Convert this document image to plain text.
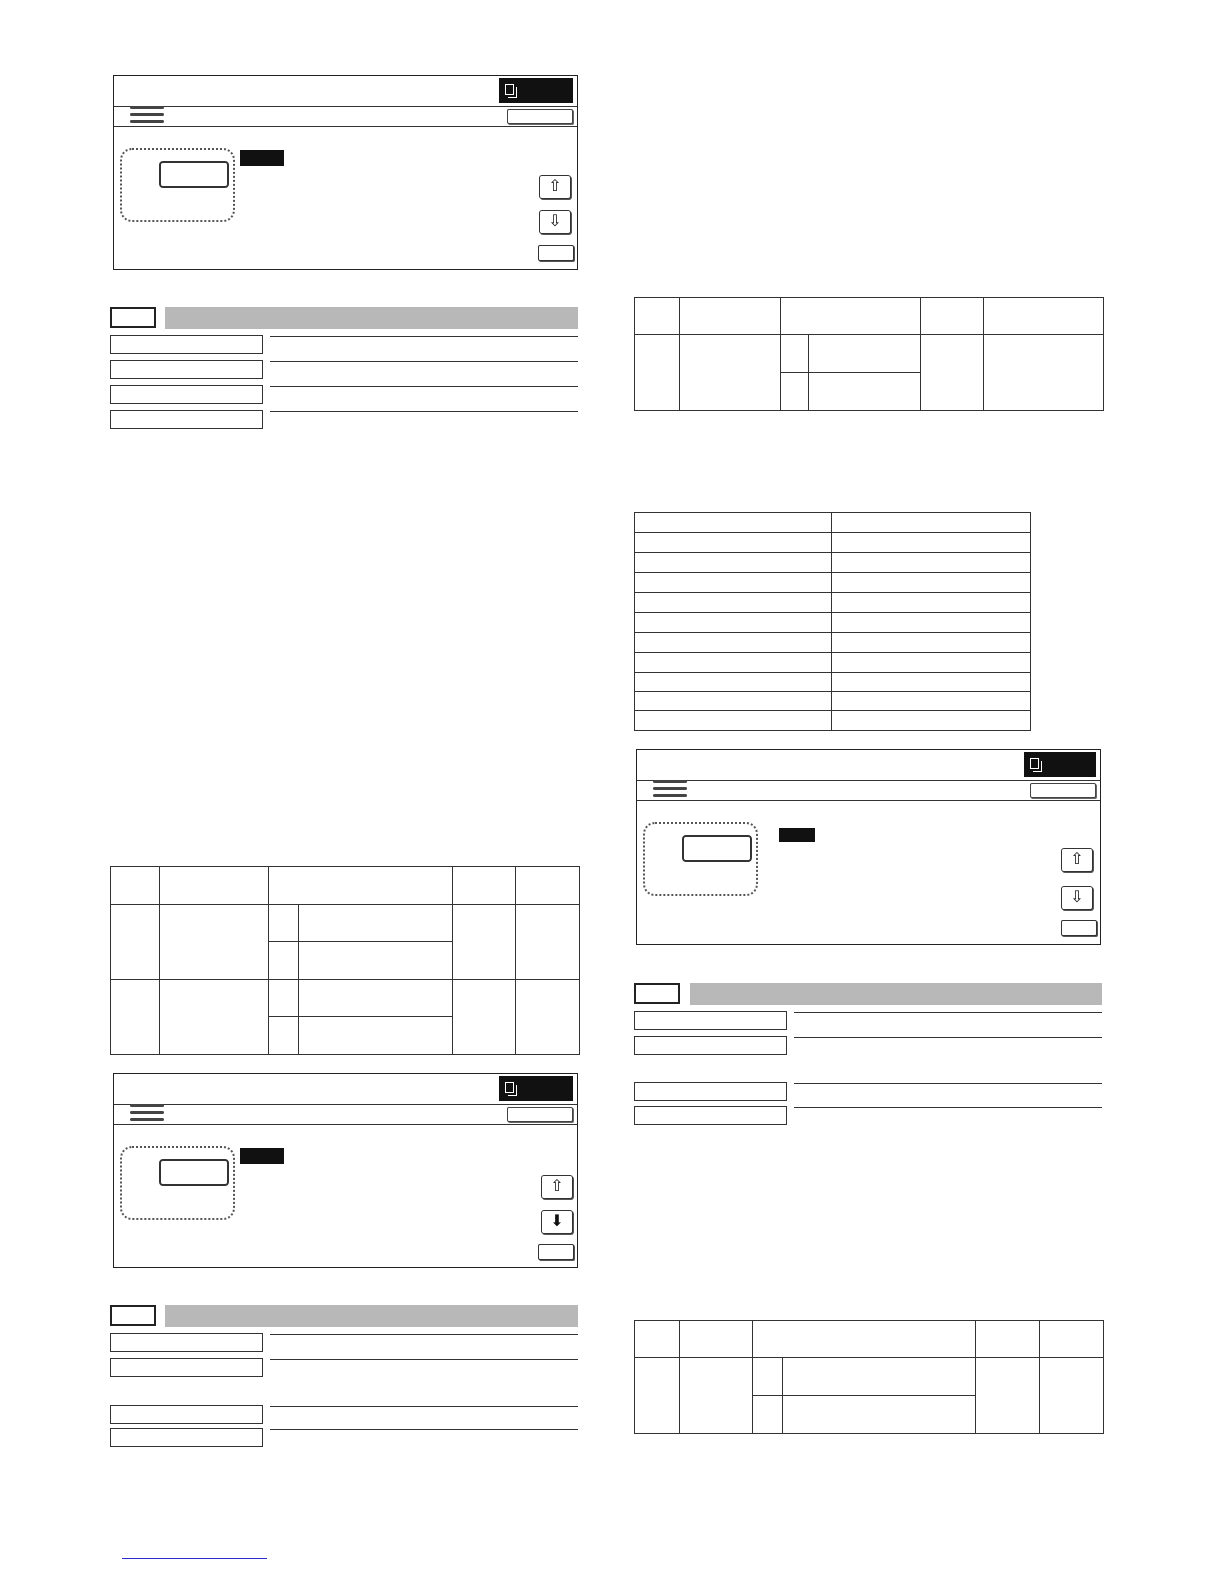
⇧
⇩

⇧
⬇

⇧
⇩
